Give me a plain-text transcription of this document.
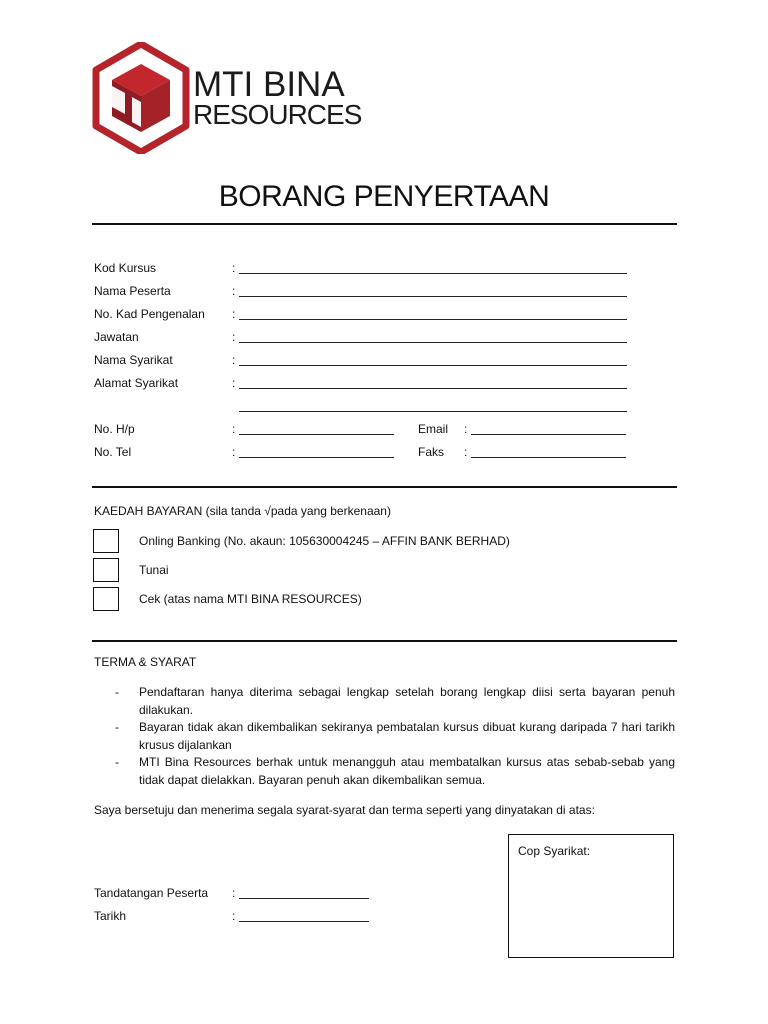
MTI BINA
RESOURCES
BORANG PENYERTAAN
Kod Kursus	:
Nama Peserta	:
No. Kad Pengenalan :
Jawatan	:
Nama Syarikat	:
Alamat Syarikat	:
No. H/p	:	Email :
No. Tel	:	Faks :
KAEDAH BAYARAN (sila tanda √pada yang berkenaan)
Onling Banking (No. akaun: 105630004245 – AFFIN BANK BERHAD)
Tunai
Cek (atas nama MTI BINA RESOURCES)
TERMA & SYARAT
- Pendaftaran hanya diterima sebagai lengkap setelah borang lengkap diisi serta bayaran penuh dilakukan.
- Bayaran tidak akan dikembalikan sekiranya pembatalan kursus dibuat kurang daripada 7 hari tarikh krusus dijalankan
- MTI Bina Resources berhak untuk menangguh atau membatalkan kursus atas sebab-sebab yang tidak dapat dielakkan. Bayaran penuh akan dikembalikan semua.
Saya bersetuju dan menerima segala syarat-syarat dan terma seperti yang dinyatakan di atas:
Tandatangan Peserta :
Tarikh	:
Cop Syarikat:
